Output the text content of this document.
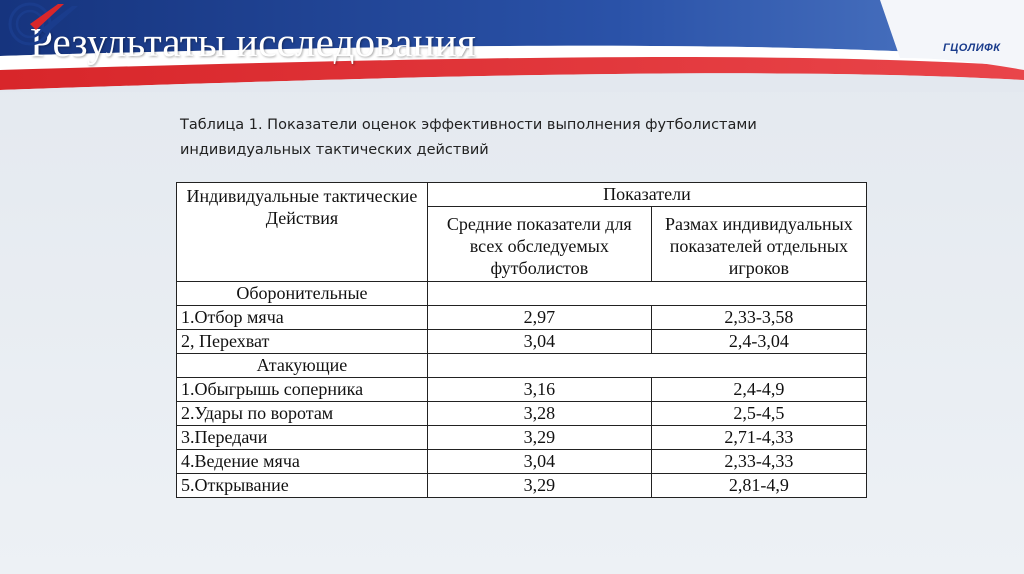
Результаты исследования	ГЦОЛИФК
Таблица 1. Показатели оценок эффективности выполнения футболистами
индивидуальных тактических действий
Индивидуальные тактические Действия	Показатели	
	Средние показатели для всех обследуемых футболистов	Размах индивидуальных показателей отдельных игроков
Оборонительные		
1.Отбор мяча	2,97	2,33-3,58
2, Перехват	3,04	2,4-3,04
Атакующие		
1.Обыгрышь соперника	3,16	2,4-4,9
2.Удары по воротам	3,28	2,5-4,5
3.Передачи	3,29	2,71-4,33
4.Ведение мяча	3,04	2,33-4,33
5.Открывание	3,29	2,81-4,9
